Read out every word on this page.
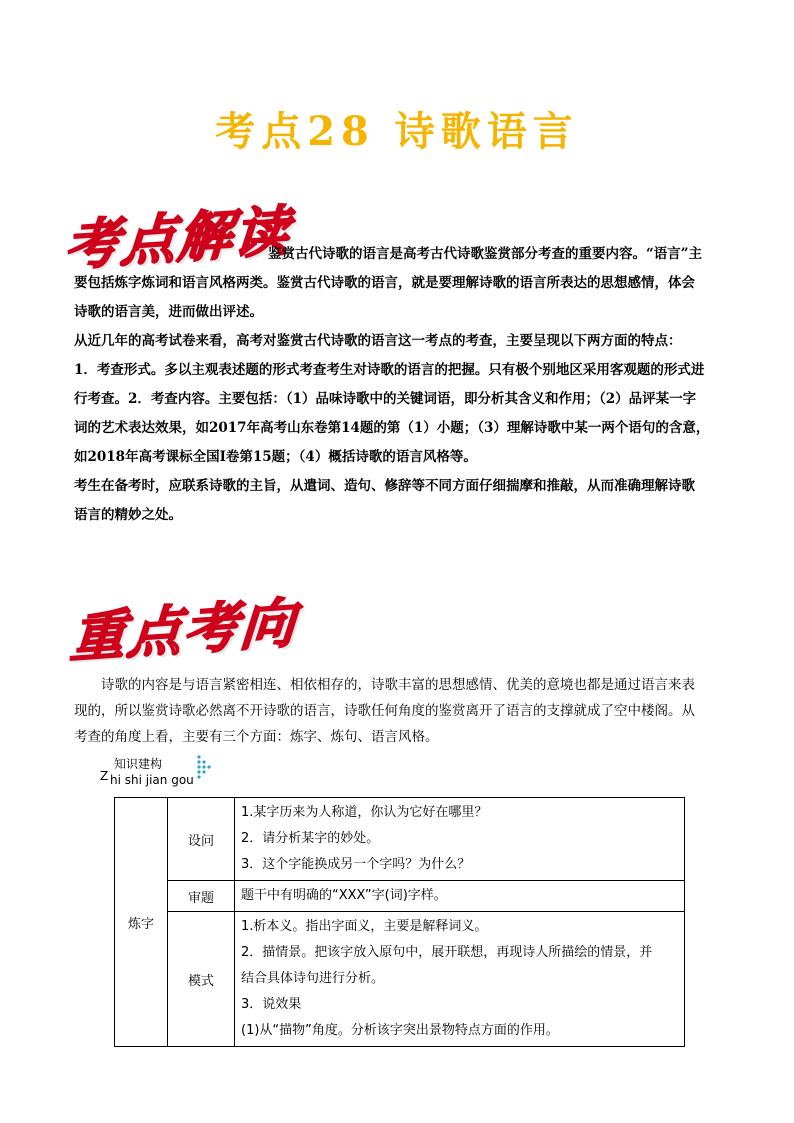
考点28 诗歌语言
考点解读

鉴赏古代诗歌的语言是高考古代诗歌鉴赏部分考查的重要内容。“语言”主

要包括炼字炼词和语言风格两类。鉴赏古代诗歌的语言，就是要理解诗歌的语言所表达的思想感情，体会

诗歌的语言美，进而做出评述。

从近几年的高考试卷来看，高考对鉴赏古代诗歌的语言这一考点的考查，主要呈现以下两方面的特点：

1．考查形式。多以主观表述题的形式考查考生对诗歌的语言的把握。只有极个别地区采用客观题的形式进

行考查。2．考查内容。主要包括：（1）品味诗歌中的关键词语，即分析其含义和作用；（2）品评某一字

词的艺术表达效果，如2017年高考山东卷第14题的第（1）小题；（3）理解诗歌中某一两个语句的含意，

如2018年高考课标全国Ⅰ卷第15题；（4）概括诗歌的语言风格等。

考生在备考时，应联系诗歌的主旨，从遣词、造句、修辞等不同方面仔细揣摩和推敲，从而准确理解诗歌

语言的精妙之处。

重点考向
诗歌的内容是与语言紧密相连、相依相存的，诗歌丰富的思想感情、优美的意境也都是通过语言来表
现的，所以鉴赏诗歌必然离不开诗歌的语言，诗歌任何角度的鉴赏离开了语言的支撑就成了空中楼阁。从
考查的角度上看，主要有三个方面：炼字、炼句、语言风格。
Z
知识建构
hi shi jian gou
炼字	设问	1.某字历来为人称道，你认为它好在哪里？
2．请分析某字的妙处。
3．这个字能换成另一个字吗？为什么？

	审题	题干中有明确的“XXX”字(词)字样。

	模式	1.析本义。指出字面义，主要是解释词义。
2．描情景。把该字放入原句中，展开联想，再现诗人所描绘的情景，并
结合具体诗句进行分析。
3．说效果
(1)从“描物”角度。分析该字突出景物特点方面的作用。
